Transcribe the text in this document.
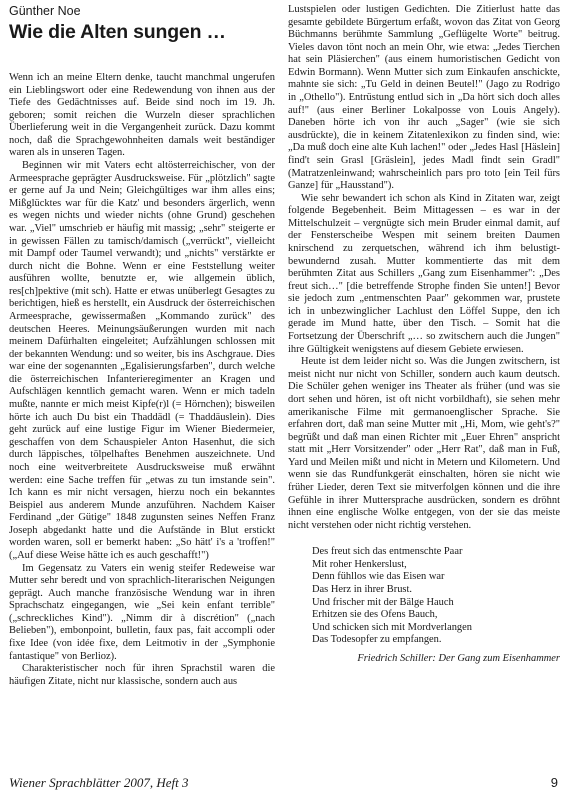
Günther Noe
Wie die Alten sungen …

Wenn ich an meine Eltern denke, taucht manchmal ungerufen ein Lieblingswort oder eine Redewendung von ihnen aus der Tiefe des Gedächtnisses auf. Beide sind noch im 19. Jh. geboren; somit reichen die Wurzeln dieser sprachlichen Überlieferung weit in die Vergangenheit zurück. Dazu kommt noch, daß die Sprachgewohnheiten damals weit beständiger waren als in unseren Tagen.

Beginnen wir mit Vaters echt altösterreichischer, von der Armeesprache geprägter Ausdrucksweise. Für „plötzlich" sagte er gerne auf Ja und Nein; Gleichgültiges war ihm alles eins; Mißglücktes war für die Katz' und besonders ärgerlich, wenn es wegen nichts und wieder nichts (ohne Grund) geschehen war. „Viel" umschrieb er häufig mit massig; „sehr" steigerte er in gewissen Fällen zu tamisch/damisch („verrückt", vielleicht mit Dampf oder Taumel verwandt); und „nichts" verstärkte er durch nicht die Bohne. Wenn er eine Feststellung weiter ausführen wollte, benutzte er, wie allgemein üblich, res[ch]pektive (mit sch). Hatte er etwas unüberlegt Gesagtes zu berichtigen, hieß es herstellt, ein Ausdruck der österreichischen Armeesprache, gewissermaßen „Kommando zurück" des deutschen Heeres. Meinungsäußerungen wurden mit nach meinem Dafürhalten eingeleitet; Aufzählungen schlossen mit der bekannten Wendung: und so weiter, bis ins Aschgraue. Dies war eine der sogenannten „Egalisierungsfarben", durch welche die österreichischen Infanterieregimenter an Kragen und Aufschlägen kenntlich gemacht waren. Wenn er mich tadeln mußte, nannte er mich meist Kipfe(r)l (= Hörnchen); bisweilen hörte ich auch Du bist ein Thaddädl (= Thaddäuslein). Dies geht zurück auf eine lustige Figur im Wiener Biedermeier, geschaffen von dem Schauspieler Anton Hasenhut, die sich durch läppisches, tölpelhaftes Benehmen auszeichnete. Und noch eine weitverbreitete Ausdrucksweise muß erwähnt werden: eine Sache treffen für „etwas zu tun imstande sein". Ich kann es mir nicht versagen, hierzu noch ein bekanntes Beispiel aus anderem Munde anzuführen. Nachdem Kaiser Ferdinand „der Gütige" 1848 zugunsten seines Neffen Franz Joseph abgedankt hatte und die Aufstände in Blut erstickt worden waren, soll er bemerkt haben: „So hätt' i's a 'troffen!" („Auf diese Weise hätte ich es auch geschafft!")

Im Gegensatz zu Vaters ein wenig steifer Redeweise war Mutter sehr beredt und von sprachlich-literarischen Neigungen geprägt. Auch manche französische Wendung war in ihren Sprachschatz eingegangen, wie „Sei kein enfant terrible" („schreckliches Kind"). „Nimm dir à discrétion" („nach Belieben"), embonpoint, bulletin, faux pas, fait accompli oder fixe Idee (von idée fixe, dem Leitmotiv in der „Symphonie fantastique" von Berlioz).

Charakteristischer noch für ihren Sprachstil waren die häufigen Zitate, nicht nur klassische, sondern auch aus

Lustspielen oder lustigen Gedichten. Die Zitierlust hatte das gesamte gebildete Bürgertum erfaßt, wovon das Zitat von Georg Büchmanns berühmte Sammlung „Geflügelte Worte" beitrug. Vieles davon tönt noch an mein Ohr, wie etwa: „Jedes Tierchen hat sein Pläsierchen" (aus einem humoristischen Gedicht von Edwin Bormann). Wenn Mutter sich zum Einkaufen anschickte, mahnte sie sich: „Tu Geld in deinen Beutel!" (Jago zu Rodrigo in „Othello"). Entrüstung entlud sich in „Da hört sich doch alles auf!" (aus einer Berliner Lokalposse von Louis Angely). Daneben hörte ich von ihr auch „Sager" (wie sie sich ausdrückte), die in keinem Zitatenlexikon zu finden sind, wie: „Da muß doch eine alte Kuh lachen!" oder „Jedes Hasl [Häslein] find't sein Grasl [Gräslein], jedes Madl findt sein Gradl" (Matratzenleinwand; wahrscheinlich pars pro toto [ein Teil fürs Ganze] für „Hausstand").

Wie sehr bewandert ich schon als Kind in Zitaten war, zeigt folgende Begebenheit. Beim Mittagessen – es war in der Mittelschulzeit – vergnügte sich mein Bruder einmal damit, auf der Fensterscheibe Wespen mit seinem breiten Daumen knirschend zu zerquetschen, während ich ihm belustigt-bewundernd zusah. Mutter kommentierte das mit dem berühmten Zitat aus Schillers „Gang zum Eisenhammer": „Des freut sich…" [die betreffende Strophe finden Sie unten!] Bevor sie jedoch zum „entmenschten Paar" gekommen war, prustete ich in unbezwinglicher Lachlust den Löffel Suppe, den ich gerade im Mund hatte, über den Tisch. – Somit hat die Fortsetzung der Überschrift „… so zwitschern auch die Jungen" ihre Gültigkeit wenigstens auf diesem Gebiete erwiesen.

Heute ist dem leider nicht so. Was die Jungen zwitschern, ist meist nicht nur nicht von Schiller, sondern auch kaum deutsch. Die Schüler gehen weniger ins Theater als früher (und was sie dort sehen und hören, ist oft nicht vorbildhaft), sie sehen mehr amerikanische Filme mit germanoenglischer Sprache. Sie erfahren dort, daß man seine Mutter mit „Hi, Mom, wie geht's?" begrüßt und daß man einen Richter mit „Euer Ehren" anspricht statt mit „Herr Vorsitzender" oder „Herr Rat", daß man in Fuß, Yard und Meilen mißt und nicht in Metern und Kilometern. Und wenn sie das Rundfunkgerät einschalten, hören sie nicht wie früher Lieder, deren Text sie mitverfolgen können und die ihre Gefühle in ihrer Muttersprache ausdrücken, sondern es dröhnt ihnen eine englische Wolke entgegen, von der sie das meiste nicht verstehen oder nicht richtig verstehen.

Des freut sich das entmenschte Paar
Mit roher Henkerslust,
Denn fühllos wie das Eisen war
Das Herz in ihrer Brust.
Und frischer mit der Bälge Hauch
Erhitzen sie des Ofens Bauch,
Und schicken sich mit Mordverlangen
Das Todesopfer zu empfangen.
Friedrich Schiller: Der Gang zum Eisenhammer
Wiener Sprachblätter 2007, Heft 3	9
